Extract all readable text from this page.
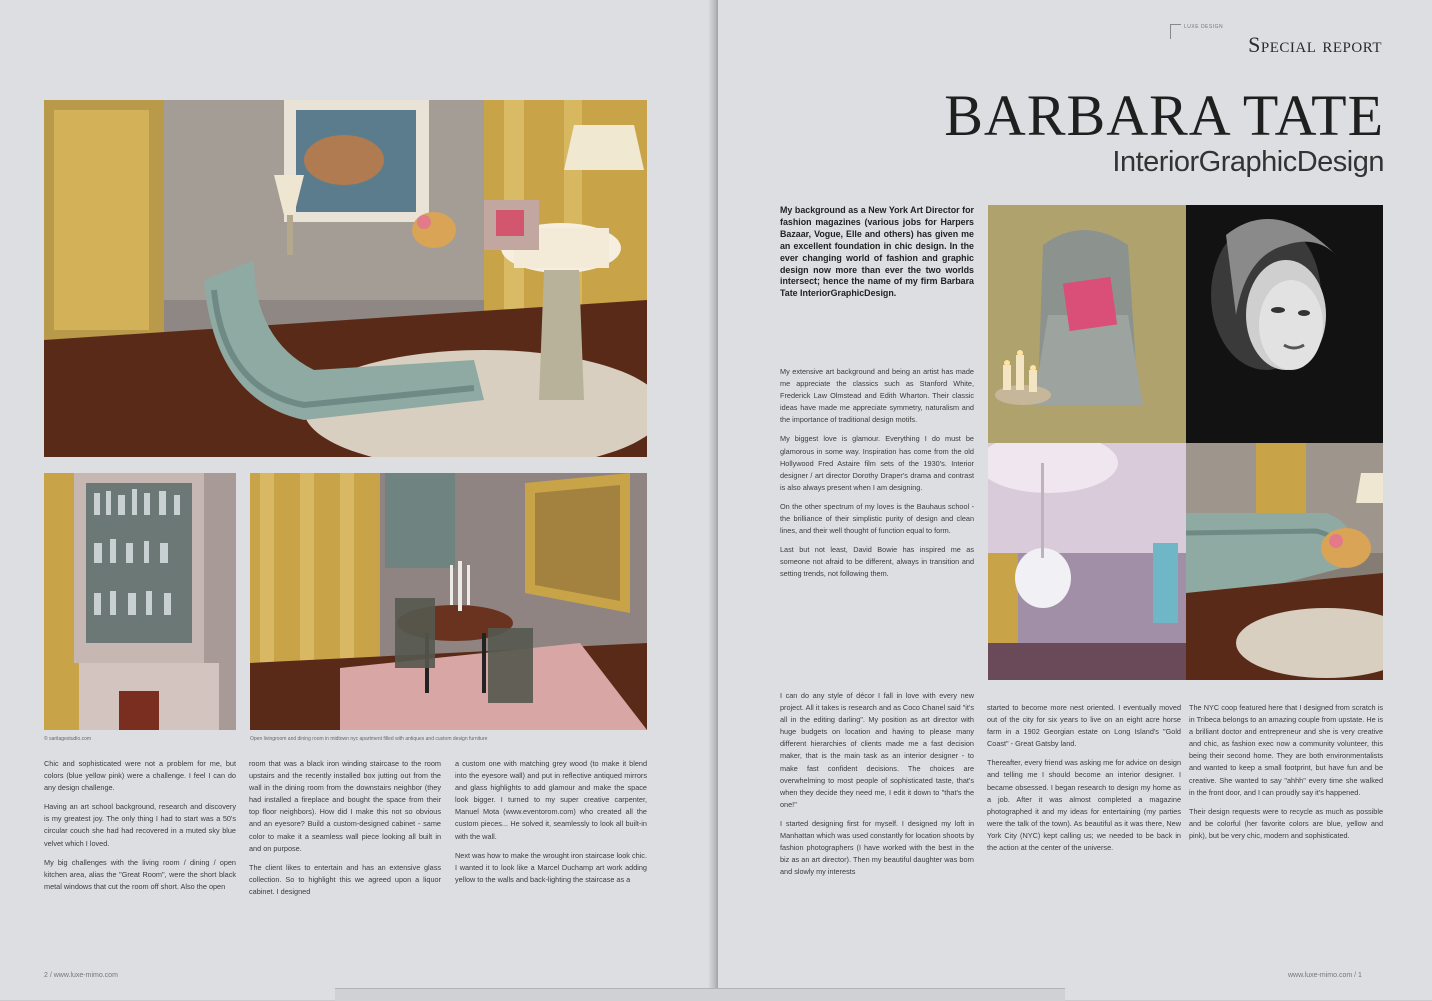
© saritagestudio.com	Open livingroom and dining room in midtown nyc apartment filled with antiques and custom design furniture

Chic and sophisticated were not a problem for me, but colors (blue yellow pink) were a challenge. I feel I can do any design challenge.

Having an art school background, research and discovery is my greatest joy. The only thing I had to start was a 50's circular couch she had had recovered in a muted sky blue velvet which I loved.

My big challenges with the living room / dining / open kitchen area, alias the "Great Room", were the short black metal windows that cut the room off short. Also the open

room that was a black iron winding staircase to the room upstairs and the recently installed box jutting out from the wall in the dining room from the downstairs neighbor (they had installed a fireplace and bought the space from their top floor neighbors). How did I make this not so obvious and an eyesore? Build a custom-designed cabinet - same color to make it a seamless wall piece looking all built in and on purpose.

The client likes to entertain and has an extensive glass collection. So to highlight this we agreed upon a liquor cabinet. I designed

a custom one with matching grey wood (to make it blend into the eyesore wall) and put in reflective antiqued mirrors and glass highlights to add glamour and make the space look bigger. I turned to my super creative carpenter, Manuel Mota (www.eventorom.com) who created all the custom pieces... He solved it, seamlessly to look all built-in with the wall.

Next was how to make the wrought iron staircase look chic. I wanted it to look like a Marcel Duchamp art work adding yellow to the walls and back-lighting the staircase as a

2 / www.luxe-mimo.com
LUXE DESIGN
Special report
BARBARA TATE
InteriorGraphicDesign
My background as a New York Art Director for fashion magazines (various jobs for Harpers Bazaar, Vogue, Elle and others) has given me an excellent foundation in chic design. In the ever changing world of fashion and graphic design now more than ever the two worlds intersect; hence the name of my firm Barbara Tate InteriorGraphicDesign.

My extensive art background and being an artist has made me appreciate the classics such as Stanford White, Frederick Law Olmstead and Edith Wharton. Their classic ideas have made me appreciate symmetry, naturalism and the importance of traditional design motifs.

My biggest love is glamour. Everything I do must be glamorous in some way. Inspiration has come from the old Hollywood Fred Astaire film sets of the 1930's. Interior designer / art director Dorothy Draper's drama and contrast is also always present when I am designing.

On the other spectrum of my loves is the Bauhaus school - the brilliance of their simplistic purity of design and clean lines, and their well thought of function equal to form.

Last but not least, David Bowie has inspired me as someone not afraid to be different, always in transition and setting trends, not following them.

I can do any style of décor I fall in love with every new project. All it takes is research and as Coco Chanel said "it's all in the editing darling". My position as art director with huge budgets on location and having to please many different hierarchies of clients made me a fast decision maker, that is the main task as an interior designer - to make fast confident decisions. The choices are overwhelming to most people of sophisticated taste, that's when they decide they need me, I edit it down to "that's the one!"

I started designing first for myself. I designed my loft in Manhattan which was used constantly for location shoots by fashion photographers (I have worked with the best in the biz as an art director). Then my beautiful daughter was born and slowly my interests

started to become more nest oriented. I eventually moved out of the city for six years to live on an eight acre horse farm in a 1902 Georgian estate on Long Island's "Gold Coast" - Great Gatsby land.

Thereafter, every friend was asking me for advice on design and telling me I should become an interior designer. I became obsessed. I began research to design my home as a job. After it was almost completed a magazine photographed it and my ideas for entertaining (my parties were the talk of the town). As beautiful as it was there, New York City (NYC) kept calling us; we needed to be back in the action at the center of the universe.

The NYC coop featured here that I designed from scratch is in Tribeca belongs to an amazing couple from upstate. He is a brilliant doctor and entrepreneur and she is very creative and chic, as fashion exec now a community volunteer, this being their second home. They are both environmentalists and wanted to keep a small footprint, but have fun and be creative. She wanted to say "ahhh" every time she walked in the front door, and I can proudly say it's happened.

Their design requests were to recycle as much as possible and be colorful (her favorite colors are blue, yellow and pink), but be very chic, modern and sophisticated.

www.luxe-mimo.com / 1
